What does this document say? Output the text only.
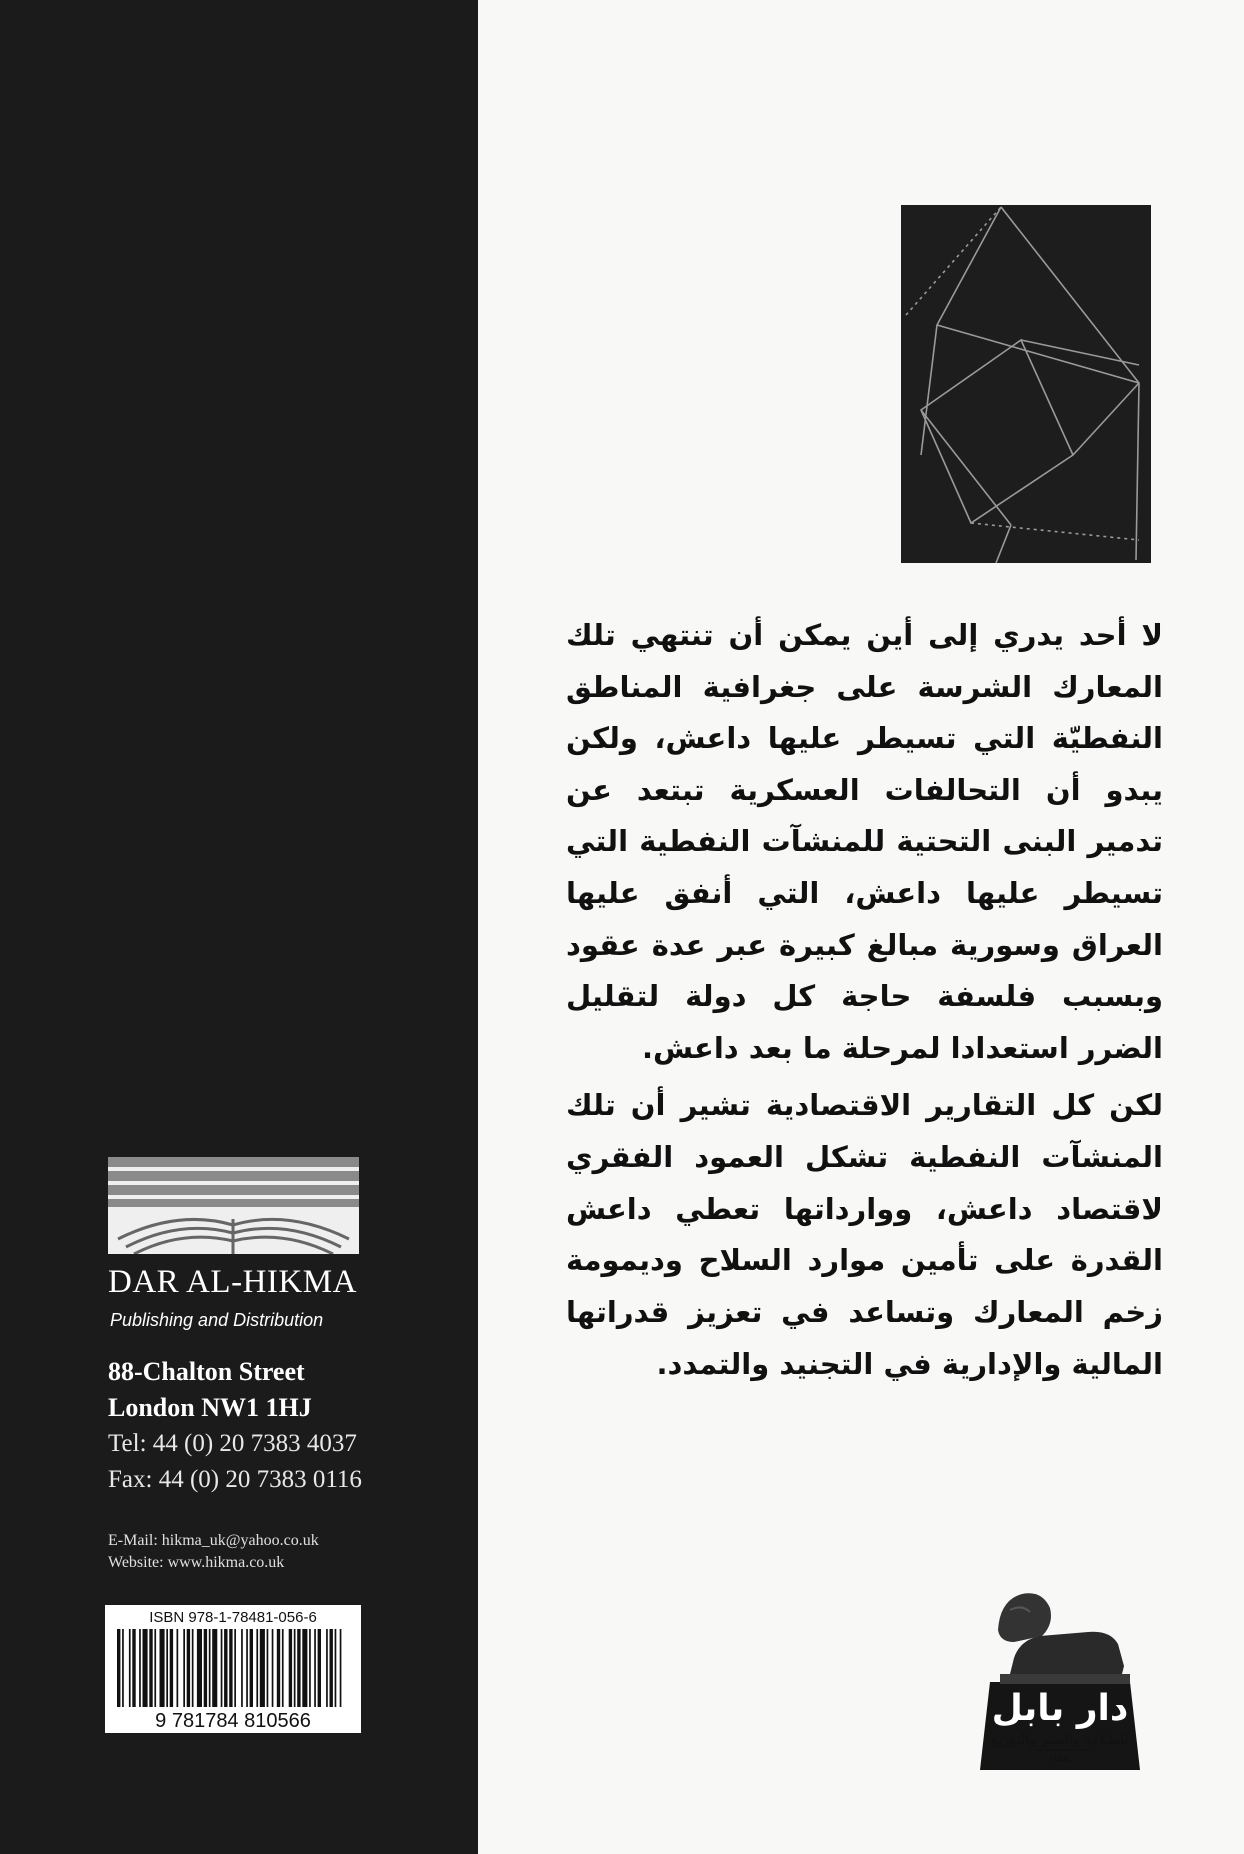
لا أحد يدري إلى أين يمكن أن تنتهي تلك المعارك الشرسة على جغرافية المناطق النفطيّة التي تسيطر عليها داعش، ولكن يبدو أن التحالفات العسكرية تبتعد عن تدمير البنى التحتية للمنشآت النفطية التي تسيطر عليها داعش، التي أنفق عليها العراق وسورية مبالغ كبيرة عبر عدة عقود وبسبب فلسفة حاجة كل دولة لتقليل الضرر استعدادا لمرحلة ما بعد داعش.

لكن كل التقارير الاقتصادية تشير أن تلك المنشآت النفطية تشكل العمود الفقري لاقتصاد داعش، ووارداتها تعطي داعش القدرة على تأمين موارد السلاح وديمومة زخم المعارك وتساعد في تعزيز قدراتها المالية والإدارية في التجنيد والتمدد.

DAR AL-HIKMA
Publishing and Distribution
88-Chalton Street
London NW1 1HJ
Tel: 44 (0) 20 7383 4037
Fax: 44 (0) 20 7383 0116
E-Mail: hikma_uk@yahoo.co.uk
Website: www.hikma.co.uk
ISBN 978-1-78481-056-6
9 781784 810566	دار بابل
للطباعة والنشر والتوزيع
بغداد
